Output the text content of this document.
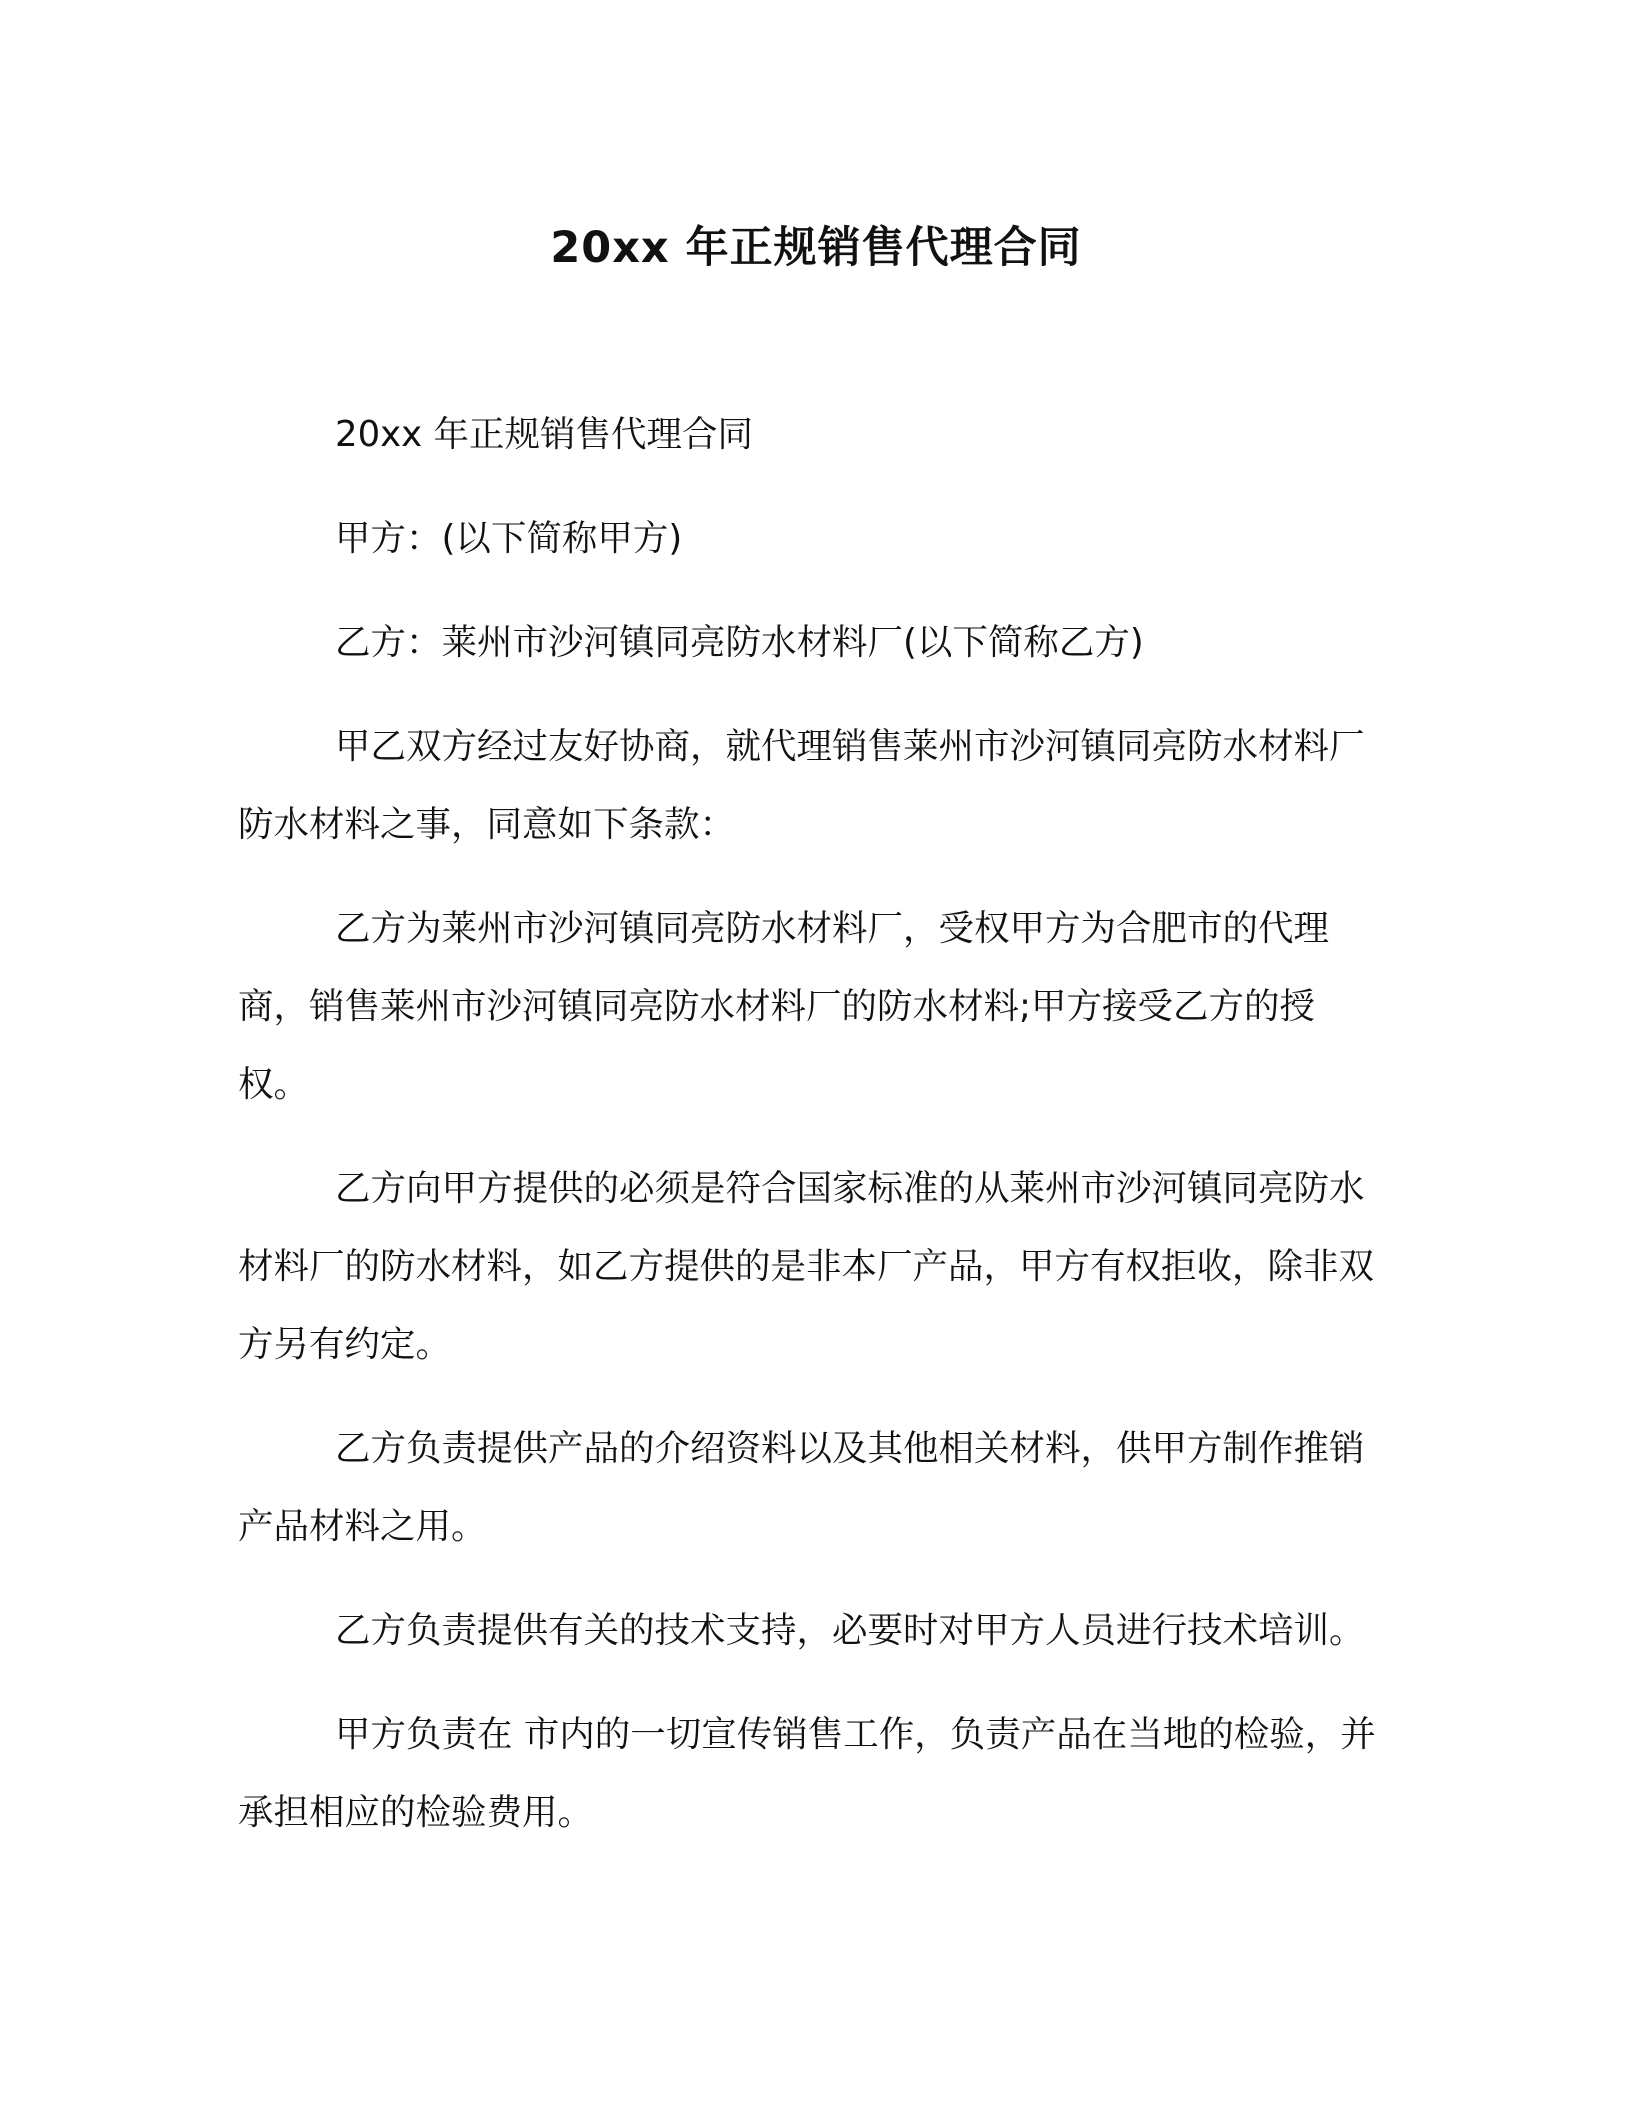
20xx 年正规销售代理合同

20xx 年正规销售代理合同

甲方：(以下简称甲方)

乙方：莱州市沙河镇同亮防水材料厂(以下简称乙方)

甲乙双方经过友好协商，就代理销售莱州市沙河镇同亮防水材料厂防水材料之事，同意如下条款：

乙方为莱州市沙河镇同亮防水材料厂，受权甲方为合肥市的代理商，销售莱州市沙河镇同亮防水材料厂的防水材料;甲方接受乙方的授权。

乙方向甲方提供的必须是符合国家标准的从莱州市沙河镇同亮防水材料厂的防水材料，如乙方提供的是非本厂产品，甲方有权拒收，除非双方另有约定。

乙方负责提供产品的介绍资料以及其他相关材料，供甲方制作推销产品材料之用。

乙方负责提供有关的技术支持，必要时对甲方人员进行技术培训。

甲方负责在 市内的一切宣传销售工作，负责产品在当地的检验，并承担相应的检验费用。
